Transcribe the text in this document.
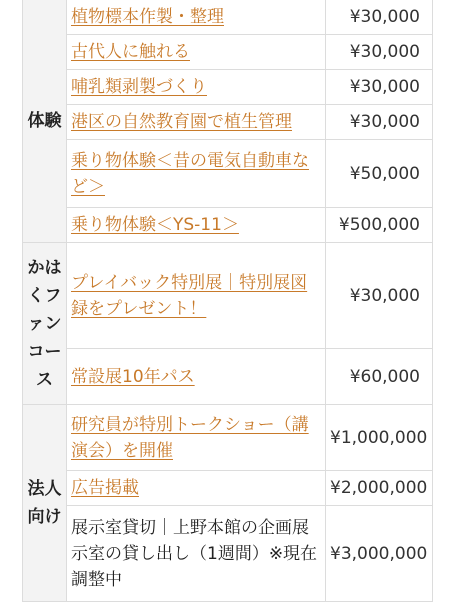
体験	植物標本作製・整理	¥30,000
	古代人に触れる	¥30,000
	哺乳類剥製づくり	¥30,000
	港区の自然教育園で植生管理	¥30,000
	乗り物体験＜昔の電気自動車など＞	¥50,000
	乗り物体験＜YS-11＞	¥500,000
かはくファンコース	プレイバック特別展｜特別展図録をプレゼント！	¥30,000
	常設展10年パス	¥60,000
法人向け	研究員が特別トークショー（講演会）を開催	¥1,000,000
	広告掲載	¥2,000,000
	展示室貸切｜上野本館の企画展示室の貸し出し（1週間）※現在調整中	¥3,000,000
